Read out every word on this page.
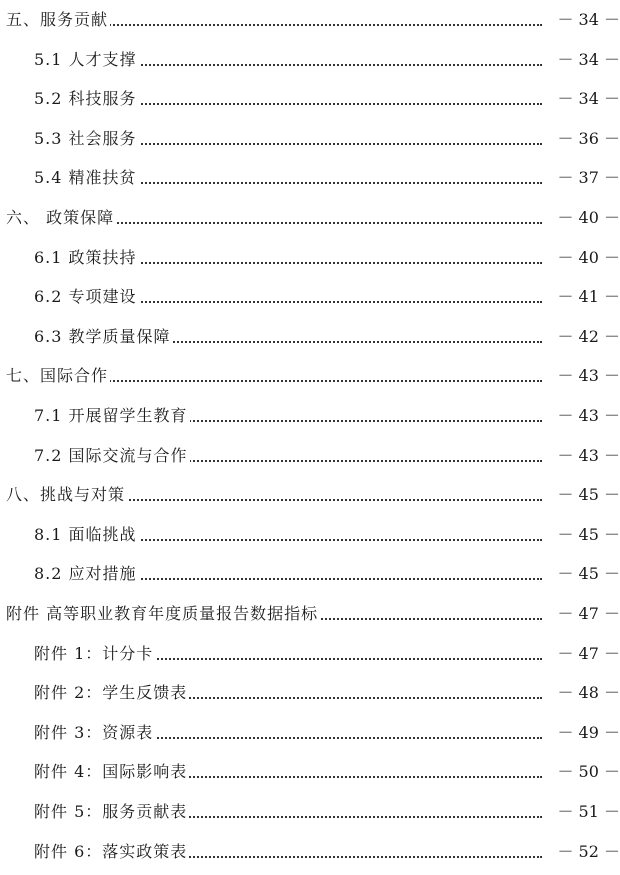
五、服务贡献	－ 34 －
5.1 人才支撑	－ 34 －
5.2 科技服务	－ 34 －
5.3 社会服务	－ 36 －
5.4 精准扶贫	－ 37 －
六、 政策保障	－ 40 －
6.1 政策扶持	－ 40 －
6.2 专项建设	－ 41 －
6.3 教学质量保障	－ 42 －
七、国际合作	－ 43 －
7.1 开展留学生教育	－ 43 －
7.2 国际交流与合作	－ 43 －
八、挑战与对策	－ 45 －
8.1 面临挑战	－ 45 －
8.2 应对措施	－ 45 －
附件 高等职业教育年度质量报告数据指标	－ 47 －
附件 1：计分卡	－ 47 －
附件 2：学生反馈表	－ 48 －
附件 3：资源表	－ 49 －
附件 4：国际影响表	－ 50 －
附件 5：服务贡献表	－ 51 －
附件 6：落实政策表	－ 52 －
